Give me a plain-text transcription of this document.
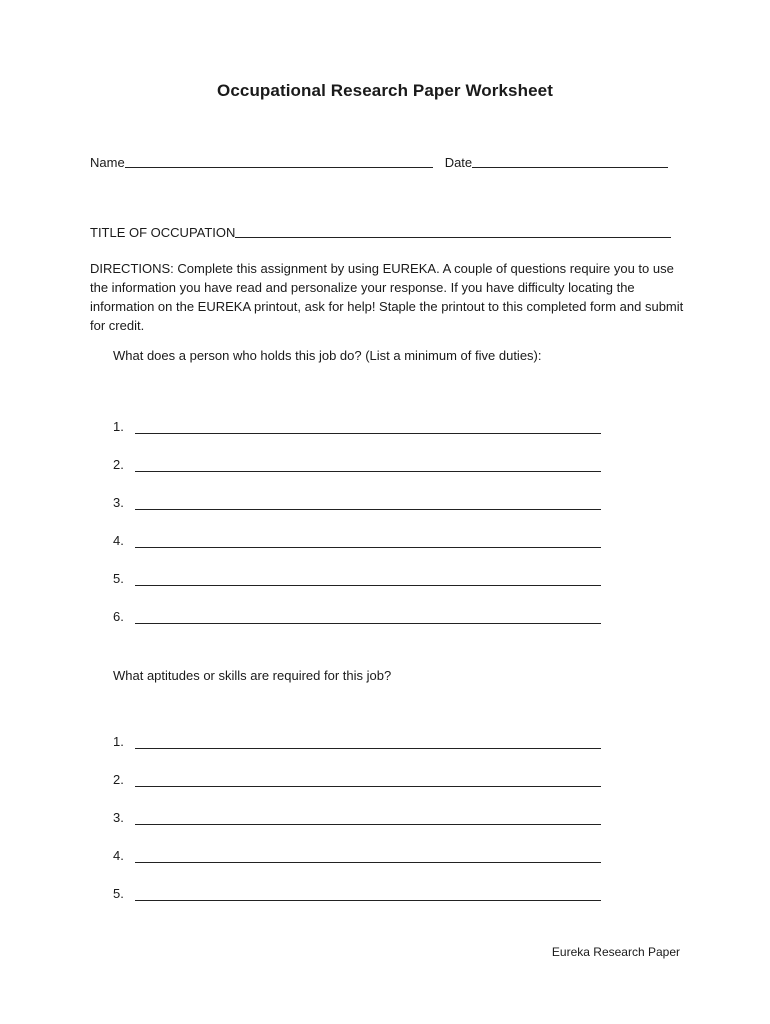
Occupational Research Paper Worksheet
Name	Date
TITLE OF OCCUPATION
DIRECTIONS: Complete this assignment by using EUREKA. A couple of questions require you to use the information you have read and personalize your response. If you have difficulty locating the information on the EUREKA printout, ask for help! Staple the printout to this completed form and submit for credit.
What does a person who holds this job do? (List a minimum of five duties):
1.
2.
3.
4.
5.
6.
What aptitudes or skills are required for this job?
1.
2.
3.
4.
5.
Eureka Research Paper
